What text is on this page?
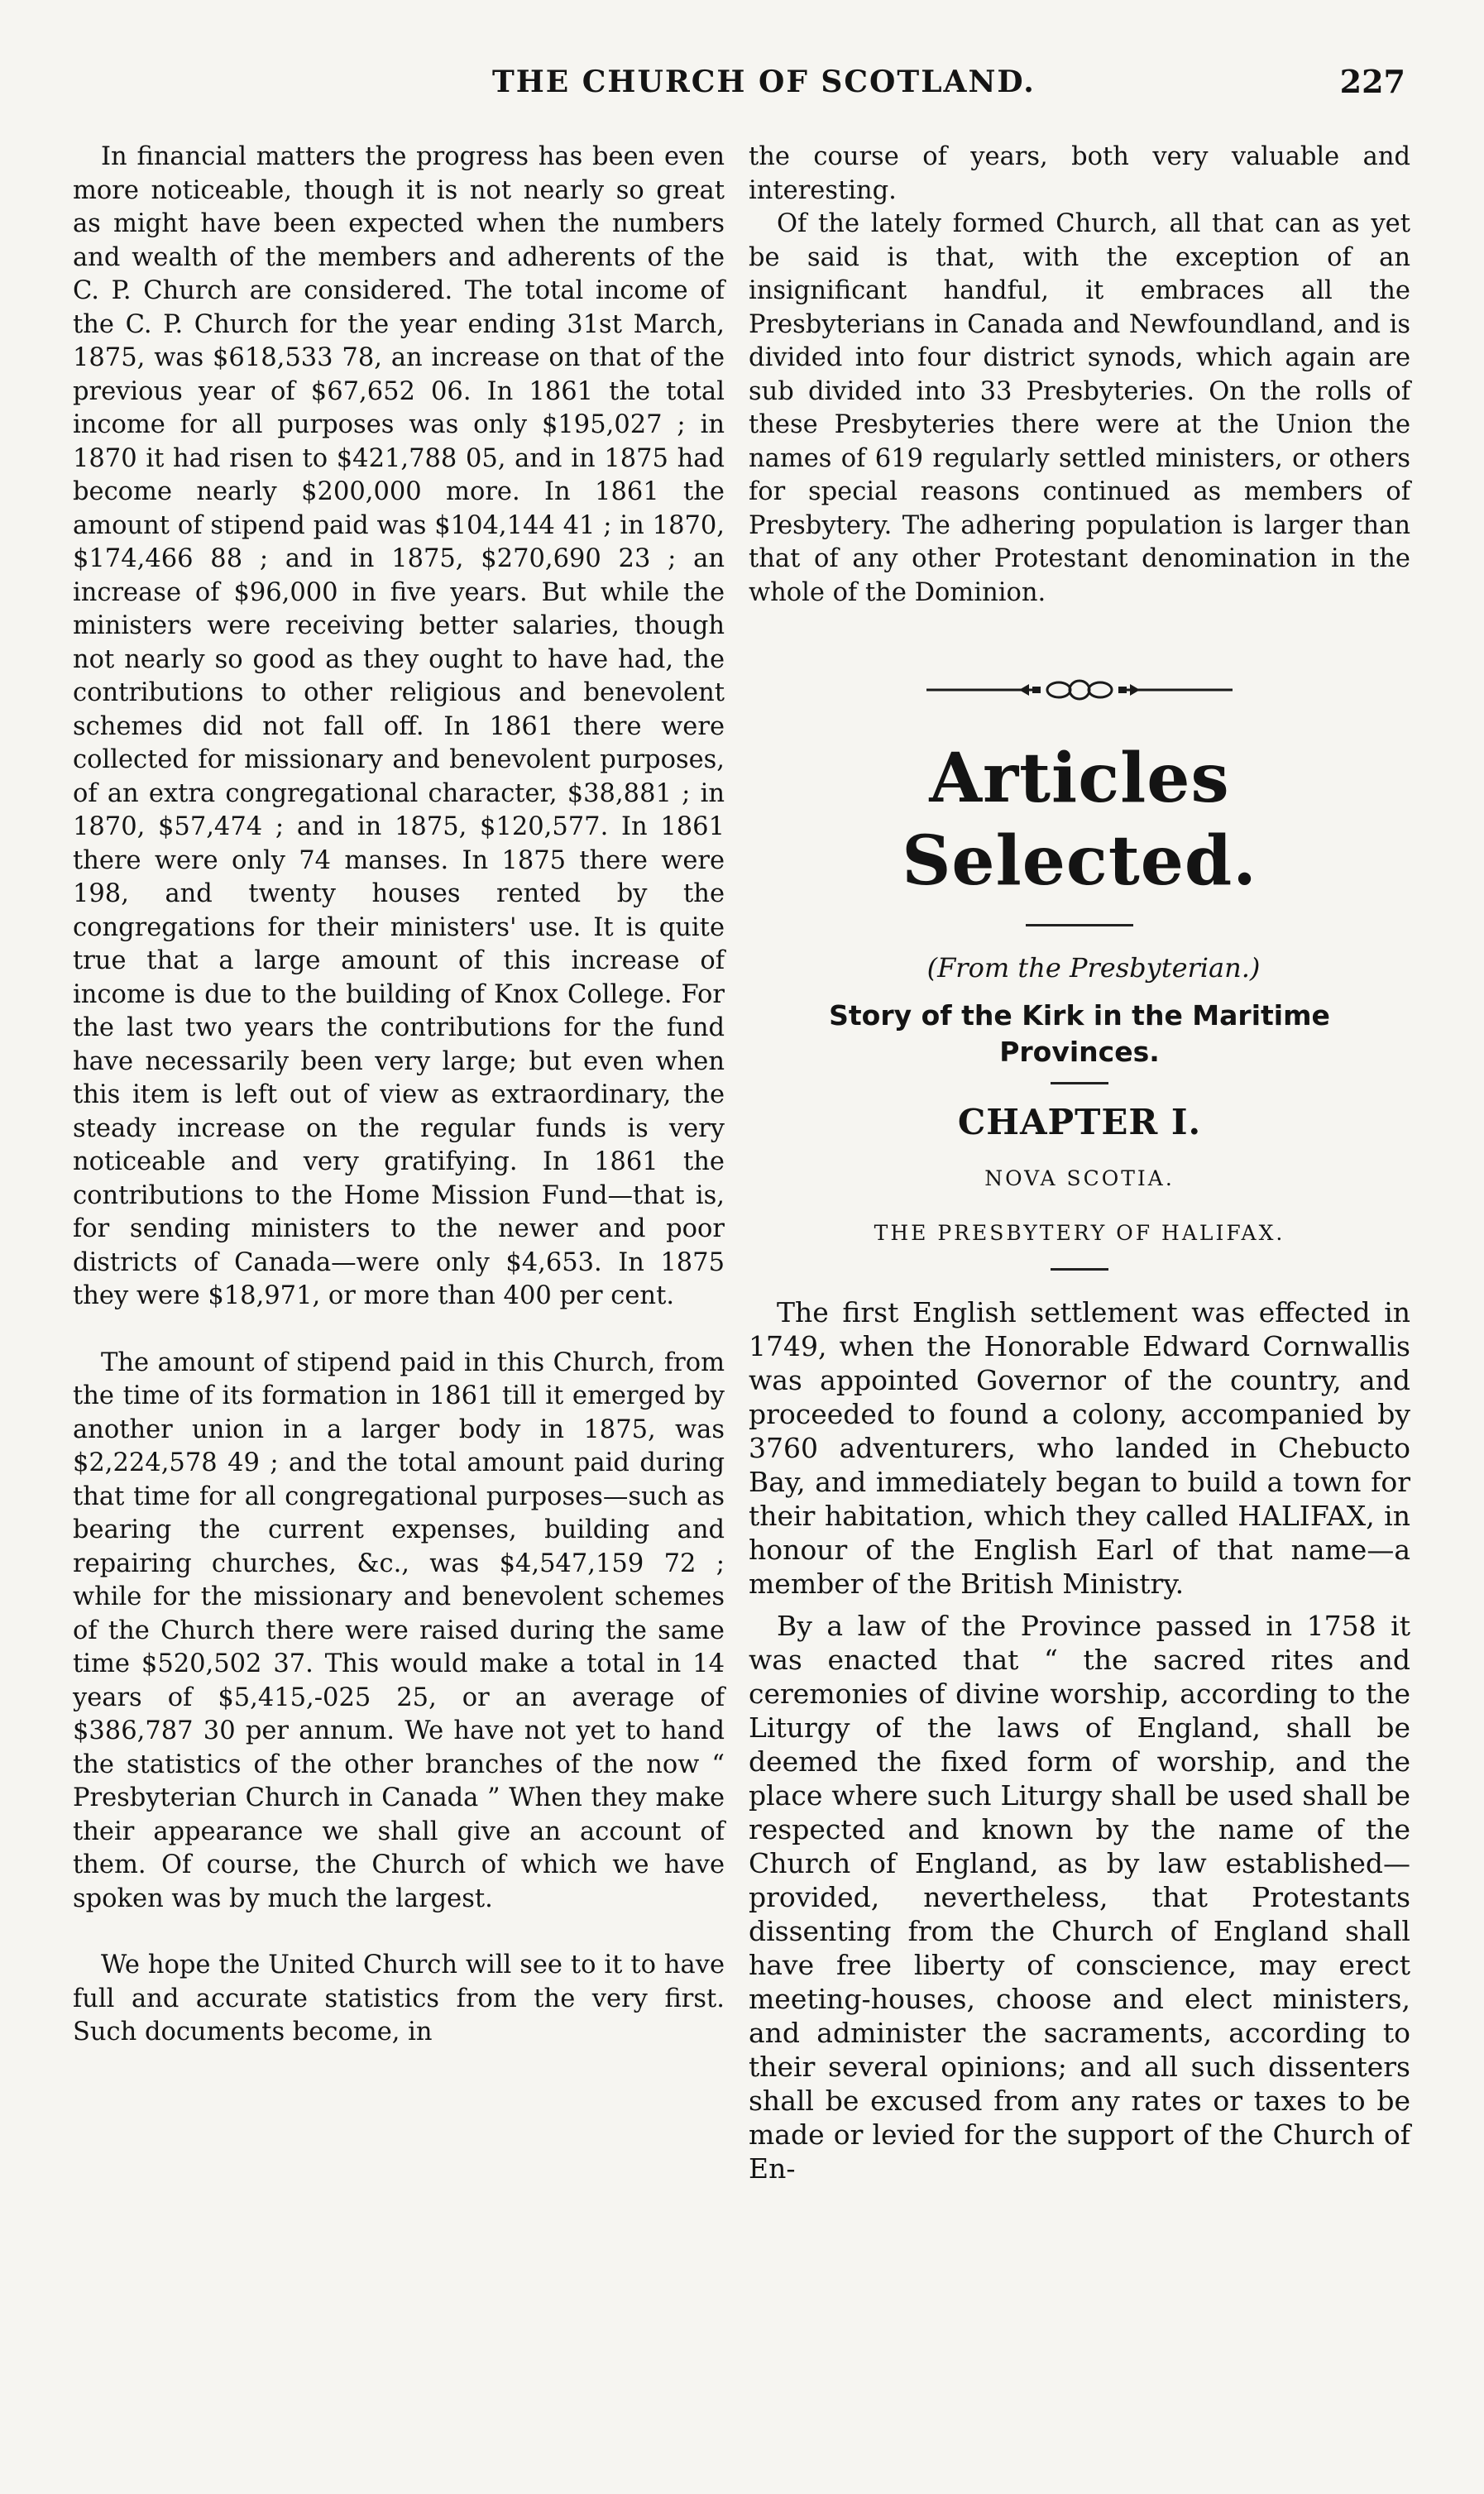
THE CHURCH OF SCOTLAND.	227

In financial matters the progress has been even more noticeable, though it is not nearly so great as might have been expected when the numbers and wealth of the members and adherents of the C. P. Church are considered. The total income of the C. P. Church for the year ending 31st March, 1875, was $618,533 78, an increase on that of the previous year of $67,652 06. In 1861 the total income for all purposes was only $195,027 ; in 1870 it had risen to $421,788 05, and in 1875 had become nearly $200,000 more. In 1861 the amount of stipend paid was $104,144 41 ; in 1870, $174,466 88 ; and in 1875, $270,690 23 ; an increase of $96,000 in five years. But while the ministers were receiving better salaries, though not nearly so good as they ought to have had, the contributions to other religious and benevolent schemes did not fall off. In 1861 there were collected for missionary and benevolent purposes, of an extra congregational character, $38,881 ; in 1870, $57,474 ; and in 1875, $120,577. In 1861 there were only 74 manses. In 1875 there were 198, and twenty houses rented by the congregations for their ministers' use. It is quite true that a large amount of this increase of income is due to the building of Knox College. For the last two years the contributions for the fund have necessarily been very large; but even when this item is left out of view as extraordinary, the steady increase on the regular funds is very noticeable and very gratifying. In 1861 the contributions to the Home Mission Fund—that is, for sending ministers to the newer and poor districts of Canada—were only $4,653. In 1875 they were $18,971, or more than 400 per cent.

The amount of stipend paid in this Church, from the time of its formation in 1861 till it emerged by another union in a larger body in 1875, was $2,224,578 49 ; and the total amount paid during that time for all congregational purposes—such as bearing the current expenses, building and repairing churches, &c., was $4,547,159 72 ; while for the missionary and benevolent schemes of the Church there were raised during the same time $520,502 37. This would make a total in 14 years of $5,415,-025 25, or an average of $386,787 30 per annum. We have not yet to hand the statistics of the other branches of the now “ Presbyterian Church in Canada ” When they make their appearance we shall give an account of them. Of course, the Church of which we have spoken was by much the largest.

We hope the United Church will see to it to have full and accurate statistics from the very first. Such documents become, in

the course of years, both very valuable and interesting.

Of the lately formed Church, all that can as yet be said is that, with the exception of an insignificant handful, it embraces all the Presbyterians in Canada and Newfoundland, and is divided into four district synods, which again are sub divided into 33 Presbyteries. On the rolls of these Presbyteries there were at the Union the names of 619 regularly settled ministers, or others for special reasons continued as members of Presbytery. The adhering population is larger than that of any other Protestant denomination in the whole of the Dominion.

Articles Selected.

(From the Presbyterian.)

Story of the Kirk in the Maritime Provinces.
CHAPTER I.
NOVA SCOTIA.
THE PRESBYTERY OF HALIFAX.

The first English settlement was effected in 1749, when the Honorable Edward Cornwallis was appointed Governor of the country, and proceeded to found a colony, accompanied by 3760 adventurers, who landed in Chebucto Bay, and immediately began to build a town for their habitation, which they called HALIFAX, in honour of the English Earl of that name—a member of the British Ministry.

By a law of the Province passed in 1758 it was enacted that “ the sacred rites and ceremonies of divine worship, according to the Liturgy of the laws of England, shall be deemed the fixed form of worship, and the place where such Liturgy shall be used shall be respected and known by the name of the Church of England, as by law established—provided, nevertheless, that Protestants dissenting from the Church of England shall have free liberty of conscience, may erect meeting-houses, choose and elect ministers, and administer the sacraments, according to their several opinions; and all such dissenters shall be excused from any rates or taxes to be made or levied for the support of the Church of En-
